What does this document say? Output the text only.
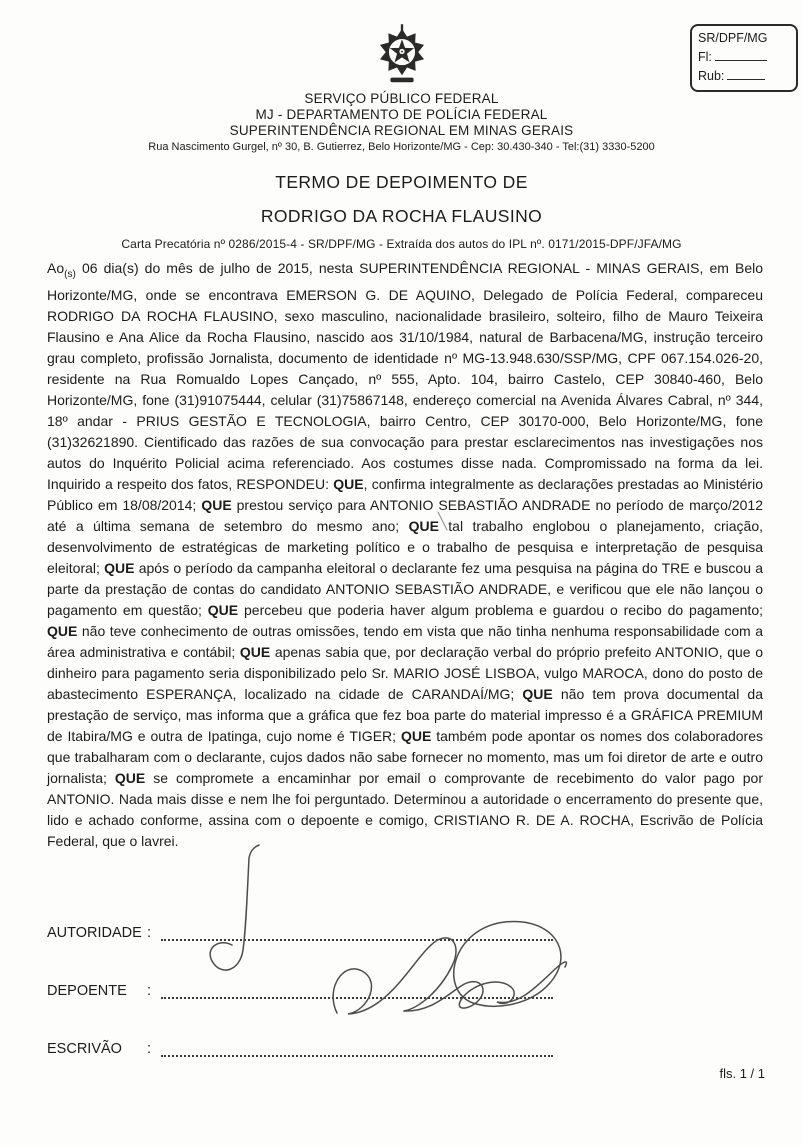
SR/DPF/MG
Fl:
Rub:
SERVIÇO PÚBLICO FEDERAL
MJ - DEPARTAMENTO DE POLÍCIA FEDERAL
SUPERINTENDÊNCIA REGIONAL EM MINAS GERAIS
Rua Nascimento Gurgel, nº 30, B. Gutierrez, Belo Horizonte/MG - Cep: 30.430-340 - Tel:(31) 3330-5200
TERMO DE DEPOIMENTO DE
RODRIGO DA ROCHA FLAUSINO
Carta Precatória nº 0286/2015-4 - SR/DPF/MG - Extraída dos autos do IPL nº. 0171/2015-DPF/JFA/MG
$Ao_{(s)}$ 06 dia(s) do mês de julho de 2015, nesta SUPERINTENDÊNCIA REGIONAL - MINAS GERAIS, em Belo Horizonte/MG, onde se encontrava EMERSON G. DE AQUINO, Delegado de Polícia Federal, compareceu RODRIGO DA ROCHA FLAUSINO, sexo masculino, nacionalidade brasileiro, solteiro, filho de Mauro Teixeira Flausino e Ana Alice da Rocha Flausino, nascido aos 31/10/1984, natural de Barbacena/MG, instrução terceiro grau completo, profissão Jornalista, documento de identidade nº MG-13.948.630/SSP/MG, CPF 067.154.026-20, residente na Rua Romualdo Lopes Cançado, nº 555, Apto. 104, bairro Castelo, CEP 30840-460, Belo Horizonte/MG, fone (31)91075444, celular (31)75867148, endereço comercial na Avenida Álvares Cabral, nº 344, 18º andar - PRIUS GESTÃO E TECNOLOGIA, bairro Centro, CEP 30170-000, Belo Horizonte/MG, fone (31)32621890. Cientificado das razões de sua convocação para prestar esclarecimentos nas investigações nos autos do Inquérito Policial acima referenciado. Aos costumes disse nada. Compromissado na forma da lei. Inquirido a respeito dos fatos, RESPONDEU: QUE, confirma integralmente as declarações prestadas ao Ministério Público em 18/08/2014; QUE prestou serviço para ANTONIO SEBASTIÃO ANDRADE no período de março/2012 até a última semana de setembro do mesmo ano; QUE tal trabalho englobou o planejamento, criação, desenvolvimento de estratégicas de marketing político e o trabalho de pesquisa e interpretação de pesquisa eleitoral; QUE após o período da campanha eleitoral o declarante fez uma pesquisa na página do TRE e buscou a parte da prestação de contas do candidato ANTONIO SEBASTIÃO ANDRADE, e verificou que ele não lançou o pagamento em questão; QUE percebeu que poderia haver algum problema e guardou o recibo do pagamento; QUE não teve conhecimento de outras omissões, tendo em vista que não tinha nenhuma responsabilidade com a área administrativa e contábil; QUE apenas sabia que, por declaração verbal do próprio prefeito ANTONIO, que o dinheiro para pagamento seria disponibilizado pelo Sr. MARIO JOSÉ LISBOA, vulgo MAROCA, dono do posto de abastecimento ESPERANÇA, localizado na cidade de CARANDAÍ/MG; QUE não tem prova documental da prestação de serviço, mas informa que a gráfica que fez boa parte do material impresso é a GRÁFICA PREMIUM de Itabira/MG e outra de Ipatinga, cujo nome é TIGER; QUE também pode apontar os nomes dos colaboradores que trabalharam com o declarante, cujos dados não sabe fornecer no momento, mas um foi diretor de arte e outro jornalista; QUE se compromete a encaminhar por email o comprovante de recebimento do valor pago por ANTONIO. Nada mais disse e nem lhe foi perguntado. Determinou a autoridade o encerramento do presente que, lido e achado conforme, assina com o depoente e comigo, CRISTIANO R. DE A. ROCHA, Escrivão de Polícia Federal, que o lavrei.
AUTORIDADE :
DEPOENTE	:
ESCRIVÃO	:
fls. 1 / 1
